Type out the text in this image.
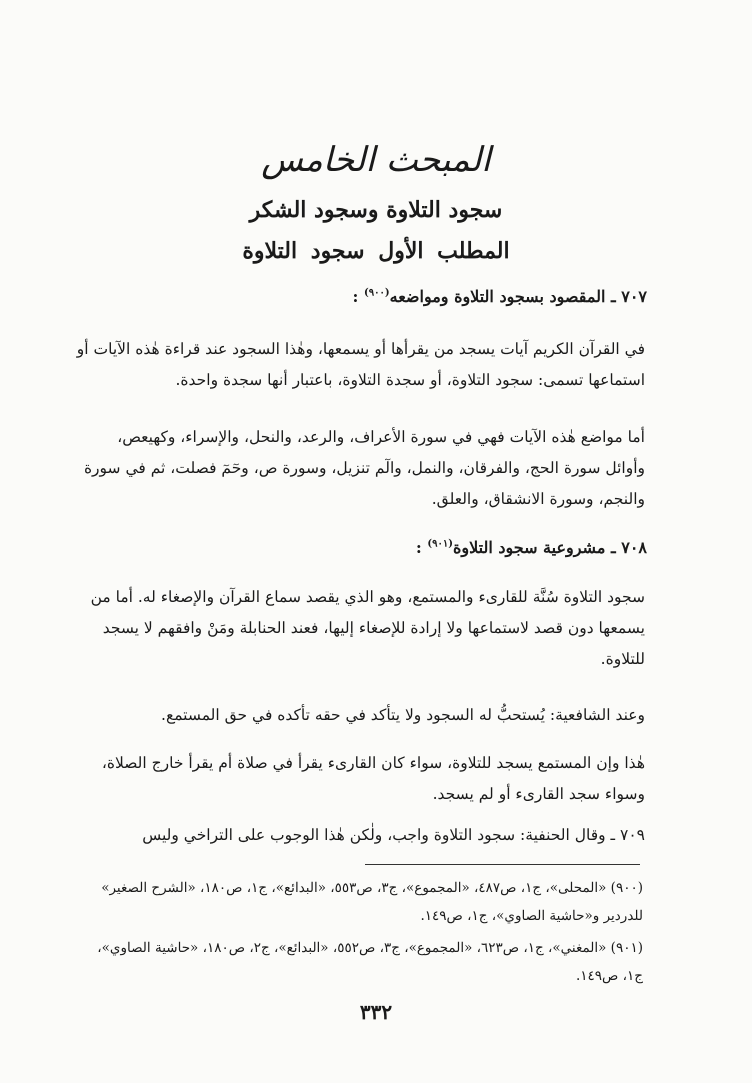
المبحث الخامس
سجود التلاوة وسجود الشكر
المطلب الأول سجود التلاوة
٧٠٧ ـ المقصود بسجود التلاوة ومواضعه$^{(٩٠٠)}$ :
في القرآن الكريم آيات يسجد من يقرأها أو يسمعها، وهٰذا السجود عند قراءة هٰذه الآيات أو استماعها تسمى: سجود التلاوة، أو سجدة التلاوة، باعتبار أنها سجدة واحدة.
أما مواضع هٰذه الآيات فهي في سورة الأعراف، والرعد، والنحل، والإسراء، وكهيعص، وأوائل سورة الحج، والفرقان، والنمل، والٓم تنزيل، وسورة ص، وحٓمٓ فصلت، ثم في سورة والنجم، وسورة الانشقاق، والعلق.
٧٠٨ ـ مشروعية سجود التلاوة$^{(٩٠١)}$ :
سجود التلاوة سُنَّة للقارىء والمستمع، وهو الذي يقصد سماع القرآن والإصغاء له. أما من يسمعها دون قصد لاستماعها ولا إرادة للإصغاء إليها، فعند الحنابلة ومَنْ وافقهم لا يسجد للتلاوة.
وعند الشافعية: يُستحبُّ له السجود ولا يتأكد في حقه تأكده في حق المستمع.
هٰذا وإن المستمع يسجد للتلاوة، سواء كان القارىء يقرأ في صلاة أم يقرأ خارج الصلاة، وسواء سجد القارىء أو لم يسجد.
٧٠٩ ـ وقال الحنفية: سجود التلاوة واجب، ولٰكن هٰذا الوجوب على التراخي وليس
(٩٠٠) «المحلى»، ج١، ص٤٨٧، «المجموع»، ج٣، ص٥٥٣، «البدائع»، ج١، ص١٨٠، «الشرح الصغير» للدردير و«حاشية الصاوي»، ج١، ص١٤٩.
(٩٠١) «المغني»، ج١، ص٦٢٣، «المجموع»، ج٣، ص٥٥٢، «البدائع»، ج٢، ص١٨٠، «حاشية الصاوي»، ج١، ص١٤٩.
٣٣٢
